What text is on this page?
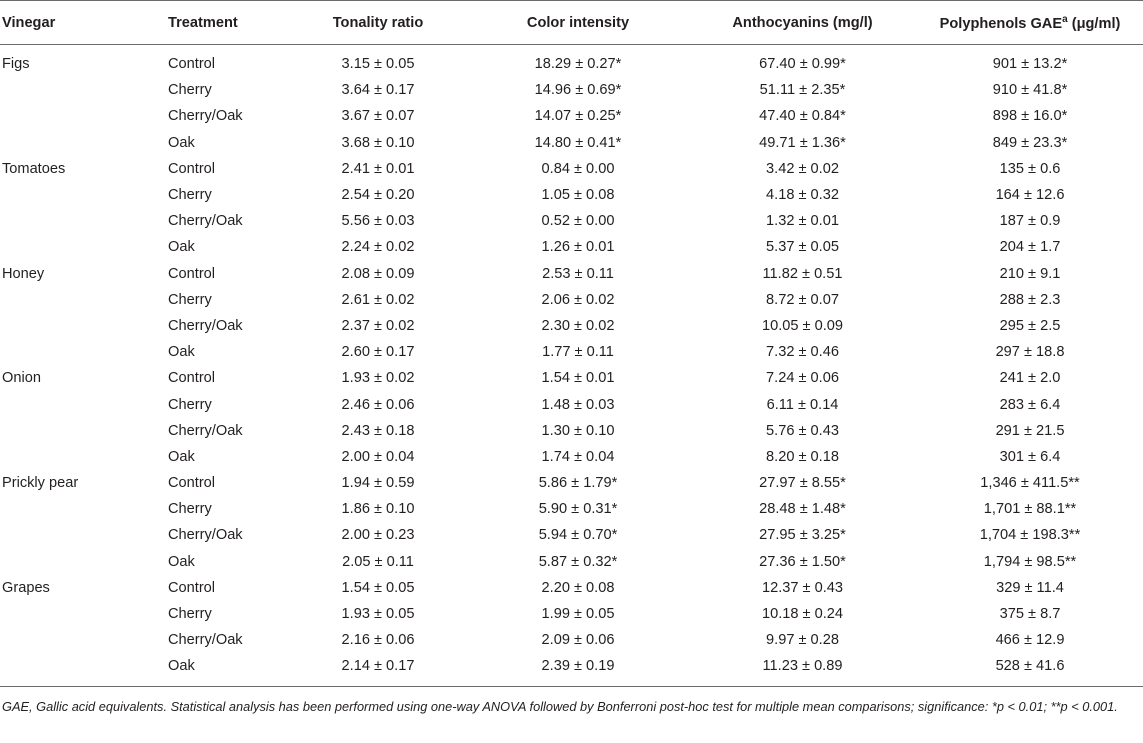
Vinegar	Treatment	Tonality ratio	Color intensity	Anthocyanins (mg/l)	Polyphenols GAE$^a$ (μg/ml)
Figs	Control	3.15 ± 0.05	18.29 ± 0.27*	67.40 ± 0.99*	901 ± 13.2*
	Cherry	3.64 ± 0.17	14.96 ± 0.69*	51.11 ± 2.35*	910 ± 41.8*
	Cherry/Oak	3.67 ± 0.07	14.07 ± 0.25*	47.40 ± 0.84*	898 ± 16.0*
	Oak	3.68 ± 0.10	14.80 ± 0.41*	49.71 ± 1.36*	849 ± 23.3*
Tomatoes	Control	2.41 ± 0.01	0.84 ± 0.00	3.42 ± 0.02	135 ± 0.6
	Cherry	2.54 ± 0.20	1.05 ± 0.08	4.18 ± 0.32	164 ± 12.6
	Cherry/Oak	5.56 ± 0.03	0.52 ± 0.00	1.32 ± 0.01	187 ± 0.9
	Oak	2.24 ± 0.02	1.26 ± 0.01	5.37 ± 0.05	204 ± 1.7
Honey	Control	2.08 ± 0.09	2.53 ± 0.11	11.82 ± 0.51	210 ± 9.1
	Cherry	2.61 ± 0.02	2.06 ± 0.02	8.72 ± 0.07	288 ± 2.3
	Cherry/Oak	2.37 ± 0.02	2.30 ± 0.02	10.05 ± 0.09	295 ± 2.5
	Oak	2.60 ± 0.17	1.77 ± 0.11	7.32 ± 0.46	297 ± 18.8
Onion	Control	1.93 ± 0.02	1.54 ± 0.01	7.24 ± 0.06	241 ± 2.0
	Cherry	2.46 ± 0.06	1.48 ± 0.03	6.11 ± 0.14	283 ± 6.4
	Cherry/Oak	2.43 ± 0.18	1.30 ± 0.10	5.76 ± 0.43	291 ± 21.5
	Oak	2.00 ± 0.04	1.74 ± 0.04	8.20 ± 0.18	301 ± 6.4
Prickly pear	Control	1.94 ± 0.59	5.86 ± 1.79*	27.97 ± 8.55*	1,346 ± 411.5**
	Cherry	1.86 ± 0.10	5.90 ± 0.31*	28.48 ± 1.48*	1,701 ± 88.1**
	Cherry/Oak	2.00 ± 0.23	5.94 ± 0.70*	27.95 ± 3.25*	1,704 ± 198.3**
	Oak	2.05 ± 0.11	5.87 ± 0.32*	27.36 ± 1.50*	1,794 ± 98.5**
Grapes	Control	1.54 ± 0.05	2.20 ± 0.08	12.37 ± 0.43	329 ± 11.4
	Cherry	1.93 ± 0.05	1.99 ± 0.05	10.18 ± 0.24	375 ± 8.7
	Cherry/Oak	2.16 ± 0.06	2.09 ± 0.06	9.97 ± 0.28	466 ± 12.9
	Oak	2.14 ± 0.17	2.39 ± 0.19	11.23 ± 0.89	528 ± 41.6
GAE, Gallic acid equivalents. Statistical analysis has been performed using one-way ANOVA followed by Bonferroni post-hoc test for multiple mean comparisons; significance: *p < 0.01; **p < 0.001.
